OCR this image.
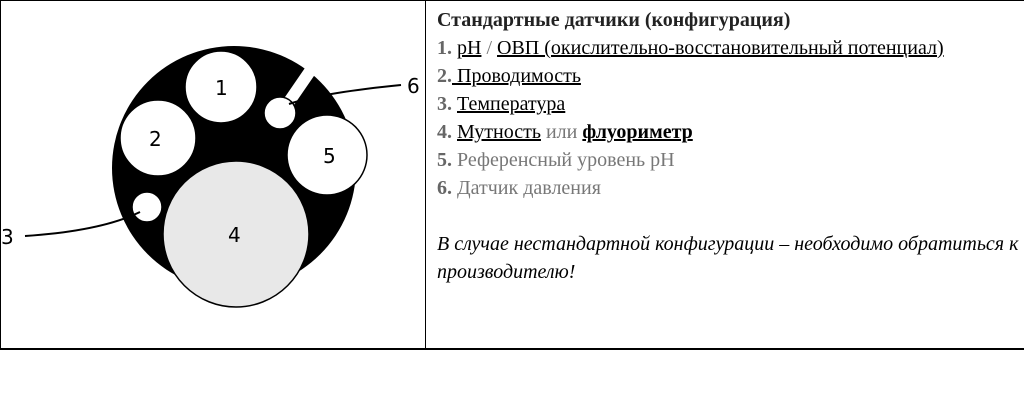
1
2
5
4
6
3

Стандартные датчики (конфигурация)

1. pH / ОВП (окислительно-восстановительный потенциал)

2. Проводимость

3. Температура

4. Мутность или флуориметр

5. Референсный уровень pH

6. Датчик давления

В случае нестандартной конфигурации – необходимо обратиться к производителю!
